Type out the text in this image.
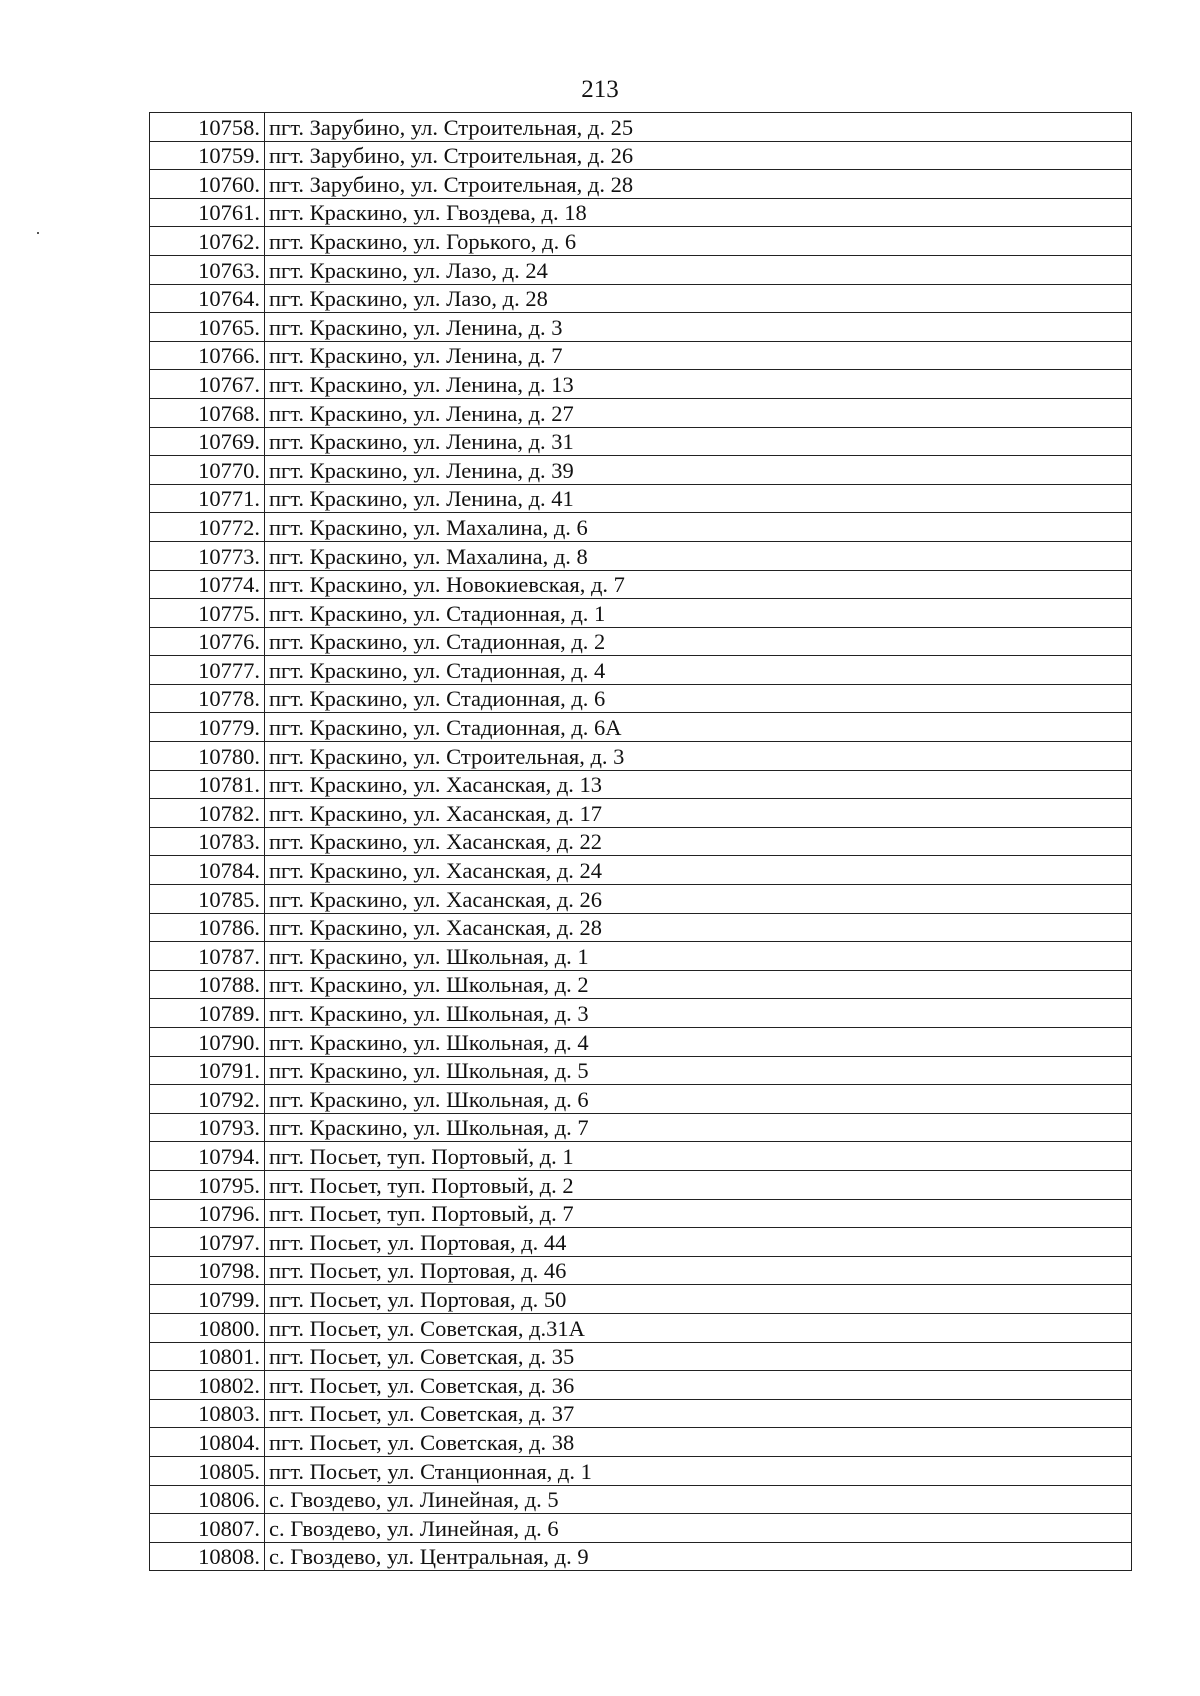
213
10758.	пгт. Зарубино, ул. Строительная, д. 25
10759.	пгт. Зарубино, ул. Строительная, д. 26
10760.	пгт. Зарубино, ул. Строительная, д. 28
10761.	пгт. Краскино, ул. Гвоздева, д. 18
10762.	пгт. Краскино, ул. Горького, д. 6
10763.	пгт. Краскино, ул. Лазо, д. 24
10764.	пгт. Краскино, ул. Лазо, д. 28
10765.	пгт. Краскино, ул. Ленина, д. 3
10766.	пгт. Краскино, ул. Ленина, д. 7
10767.	пгт. Краскино, ул. Ленина, д. 13
10768.	пгт. Краскино, ул. Ленина, д. 27
10769.	пгт. Краскино, ул. Ленина, д. 31
10770.	пгт. Краскино, ул. Ленина, д. 39
10771.	пгт. Краскино, ул. Ленина, д. 41
10772.	пгт. Краскино, ул. Махалина, д. 6
10773.	пгт. Краскино, ул. Махалина, д. 8
10774.	пгт. Краскино, ул. Новокиевская, д. 7
10775.	пгт. Краскино, ул. Стадионная, д. 1
10776.	пгт. Краскино, ул. Стадионная, д. 2
10777.	пгт. Краскино, ул. Стадионная, д. 4
10778.	пгт. Краскино, ул. Стадионная, д. 6
10779.	пгт. Краскино, ул. Стадионная, д. 6А
10780.	пгт. Краскино, ул. Строительная, д. 3
10781.	пгт. Краскино, ул. Хасанская, д. 13
10782.	пгт. Краскино, ул. Хасанская, д. 17
10783.	пгт. Краскино, ул. Хасанская, д. 22
10784.	пгт. Краскино, ул. Хасанская, д. 24
10785.	пгт. Краскино, ул. Хасанская, д. 26
10786.	пгт. Краскино, ул. Хасанская, д. 28
10787.	пгт. Краскино, ул. Школьная, д. 1
10788.	пгт. Краскино, ул. Школьная, д. 2
10789.	пгт. Краскино, ул. Школьная, д. 3
10790.	пгт. Краскино, ул. Школьная, д. 4
10791.	пгт. Краскино, ул. Школьная, д. 5
10792.	пгт. Краскино, ул. Школьная, д. 6
10793.	пгт. Краскино, ул. Школьная, д. 7
10794.	пгт. Посьет, туп. Портовый, д. 1
10795.	пгт. Посьет, туп. Портовый, д. 2
10796.	пгт. Посьет, туп. Портовый, д. 7
10797.	пгт. Посьет, ул. Портовая, д. 44
10798.	пгт. Посьет, ул. Портовая, д. 46
10799.	пгт. Посьет, ул. Портовая, д. 50
10800.	пгт. Посьет, ул. Советская, д.31А
10801.	пгт. Посьет, ул. Советская, д. 35
10802.	пгт. Посьет, ул. Советская, д. 36
10803.	пгт. Посьет, ул. Советская, д. 37
10804.	пгт. Посьет, ул. Советская, д. 38
10805.	пгт. Посьет, ул. Станционная, д. 1
10806.	с. Гвоздево, ул. Линейная, д. 5
10807.	с. Гвоздево, ул. Линейная, д. 6
10808.	с. Гвоздево, ул. Центральная, д. 9
